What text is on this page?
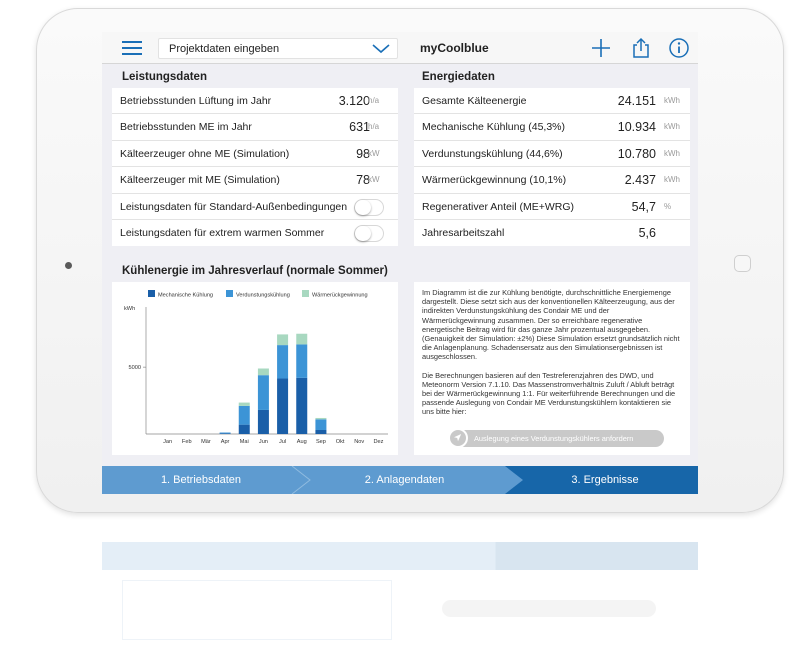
Projektdaten eingeben	myCoolblue
Leistungsdaten
Betriebsstunden Lüftung im Jahr	3.120
h/a
Betriebsstunden ME im Jahr	631
h/a
Kälteerzeuger ohne ME (Simulation)	98
kW
Kälteerzeuger mit ME (Simulation)	78
kW
Leistungsdaten für Standard-Außenbedingungen
Leistungsdaten für extrem warmen Sommer
Energiedaten
Gesamte Kälteenergie	24.151 kWh
Mechanische Kühlung (45,3%)	10.934 kWh
Verdunstungskühlung (44,6%)	10.780 kWh
Wärmerückgewinnung (10,1%)	2.437 kWh
Regenerativer Anteil (ME+WRG)	54,7 %
Jahresarbeitszahl	5,6
Kühlenergie im Jahresverlauf (normale Sommer)
Mechanische Kühlung	Verdunstungskühlung	Wärmerückgewinnung
kWh
5000
Jan Feb Mär Apr Mai Jun Jul Aug Sep Okt Nov Dez

Im Diagramm ist die zur Kühlung benötigte, durchschnittliche Energiemenge dargestellt. Diese setzt sich aus der konventionellen Kälteerzeugung, aus der indirekten Verdunstungskühlung des Condair ME und der Wärmerückgewinnung zusammen. Der so erreichbare regenerative energetische Beitrag wird für das ganze Jahr prozentual ausgegeben. (Genauigkeit der Simulation: ±2%) Diese Simulation ersetzt grundsätzlich nicht die Anlagenplanung. Schadensersatz aus den Simulationsergebnissen ist ausgeschlossen.

Die Berechnungen basieren auf den Testreferenzjahren des DWD, und Meteonorm Version 7.1.10. Das Massenstromverhältnis Zuluft / Abluft beträgt bei der Wärmerückgewinnung 1:1. Für weiterführende Berechnungen und die passende Auslegung von Condair ME Verdunstungskühlern kontaktieren sie uns bitte hier:

Auslegung eines Verdunstungskühlers anfordern
1. Betriebsdaten	2. Anlagendaten	3. Ergebnisse
